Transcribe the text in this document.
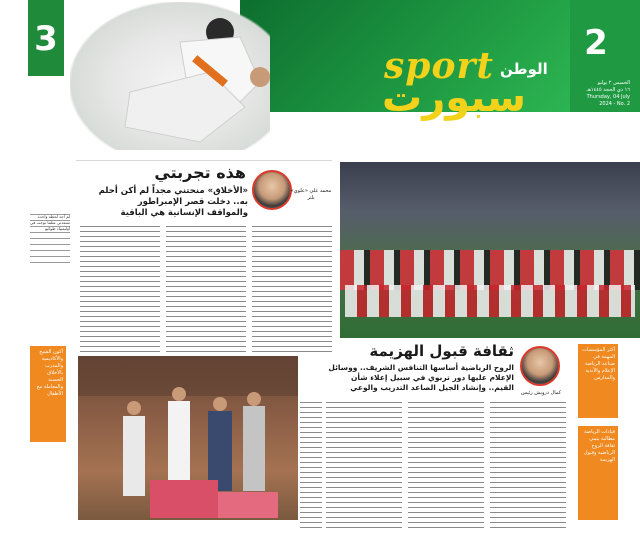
3	2
sport الوطن
سبورت	الخميس ٢ يوليو
١٦ ذي الحجة ١٤٤٥هـ
Thursday, 04 July 2024 - No. 2
هذه تجربتي
«الأخلاق» منحتني مجداً لم أكن أحلم
به.. دخلت قصر الإمبراطور
والمواقف الإنسانية هي الباقية
محمد علي «علوي» بلتر
لم أجد لحظة واحدة تسعدني مثلما توجت في أوليمبياد طوكيو
أكون الشيخ والأكاديمية والمدرب بالأخلاق الحسنة والمعاملة مع الأطفال	كمال درويش رئيس
ثقافة قبول الهزيمة
الروح الرياضية أساسها التنافس الشريف.. ووسائل
الإعلام عليها دور تربوي في سبيل إعلاء شأن
القيم.. وإنشاد الجيل الصاعد التدريب والوعي
أكثر المؤسسات المهمة في صناعة الرياضة الإعلام والأندية والمدارس
قيادات الرياضة مطالبة بتبني ثقافة الروح الرياضية وقبول الهزيمة
